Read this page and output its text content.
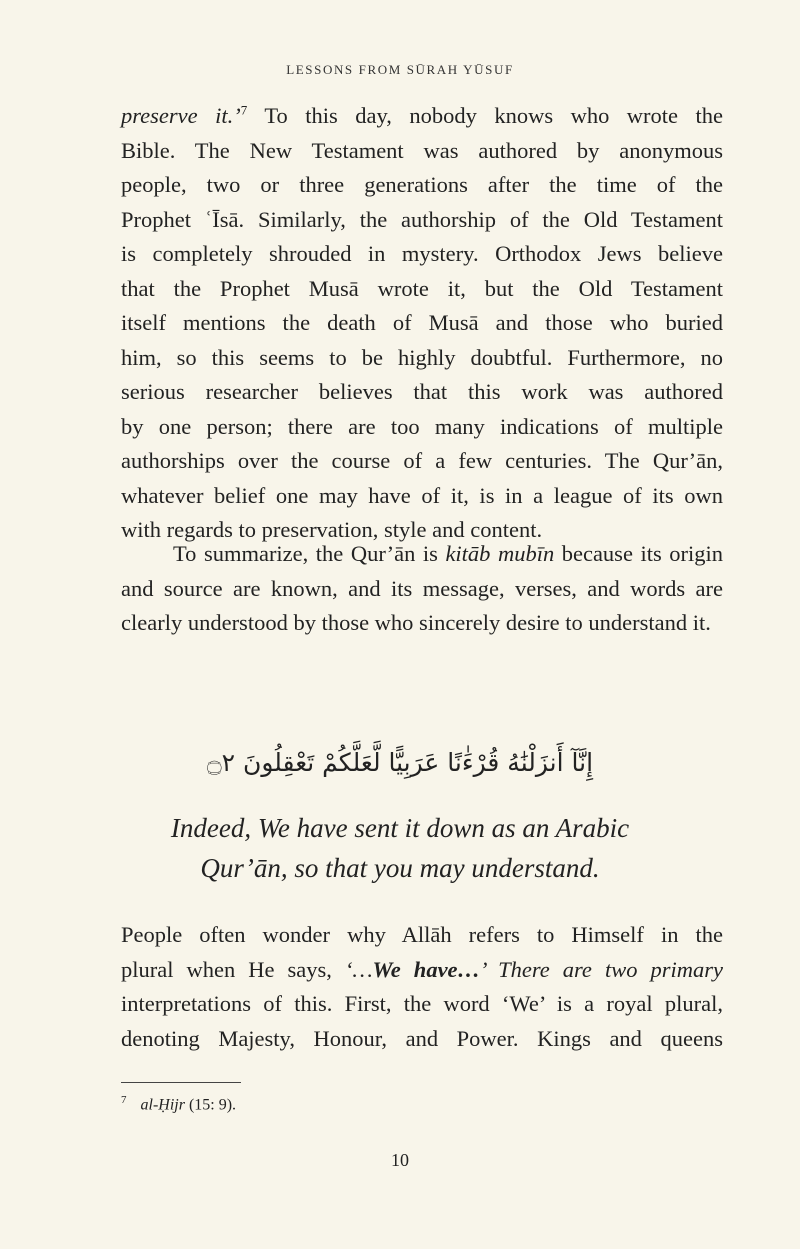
LESSONS FROM SŪRAH YŪSUF
preserve it.’$^7$ To this day, nobody knows who wrote the
Bible. The New Testament was authored by anonymous
people, two or three generations after the time of the
Prophet ʿĪsā. Similarly, the authorship of the Old Testament
is completely shrouded in mystery. Orthodox Jews believe
that the Prophet Musā wrote it, but the Old Testament
itself mentions the death of Musā and those who buried
him, so this seems to be highly doubtful. Furthermore, no
serious researcher believes that this work was authored
by one person; there are too many indications of multiple
authorships over the course of a few centuries. The Qur’ān,
whatever belief one may have of it, is in a league of its own
with regards to preservation, style and content.
To summarize, the Qur’ān is kitāb mubīn because its origin and source are known, and its message, verses, and words are clearly understood by those who sincerely desire to understand it.
إِنَّآ أَنزَلْنَٰهُ قُرْءَٰنًا عَرَبِيًّا لَّعَلَّكُمْ تَعْقِلُونَ ۝٢
Indeed, We have sent it down as an Arabic
Qur’ān, so that you may understand.
People often wonder why Allāh refers to Himself in the
plural when He says, ‘…We have…’ There are two primary
interpretations of this. First, the word ‘We’ is a royal plural,
denoting Majesty, Honour, and Power. Kings and queens
$^7$ al-Ḥijr (15: 9).
10
